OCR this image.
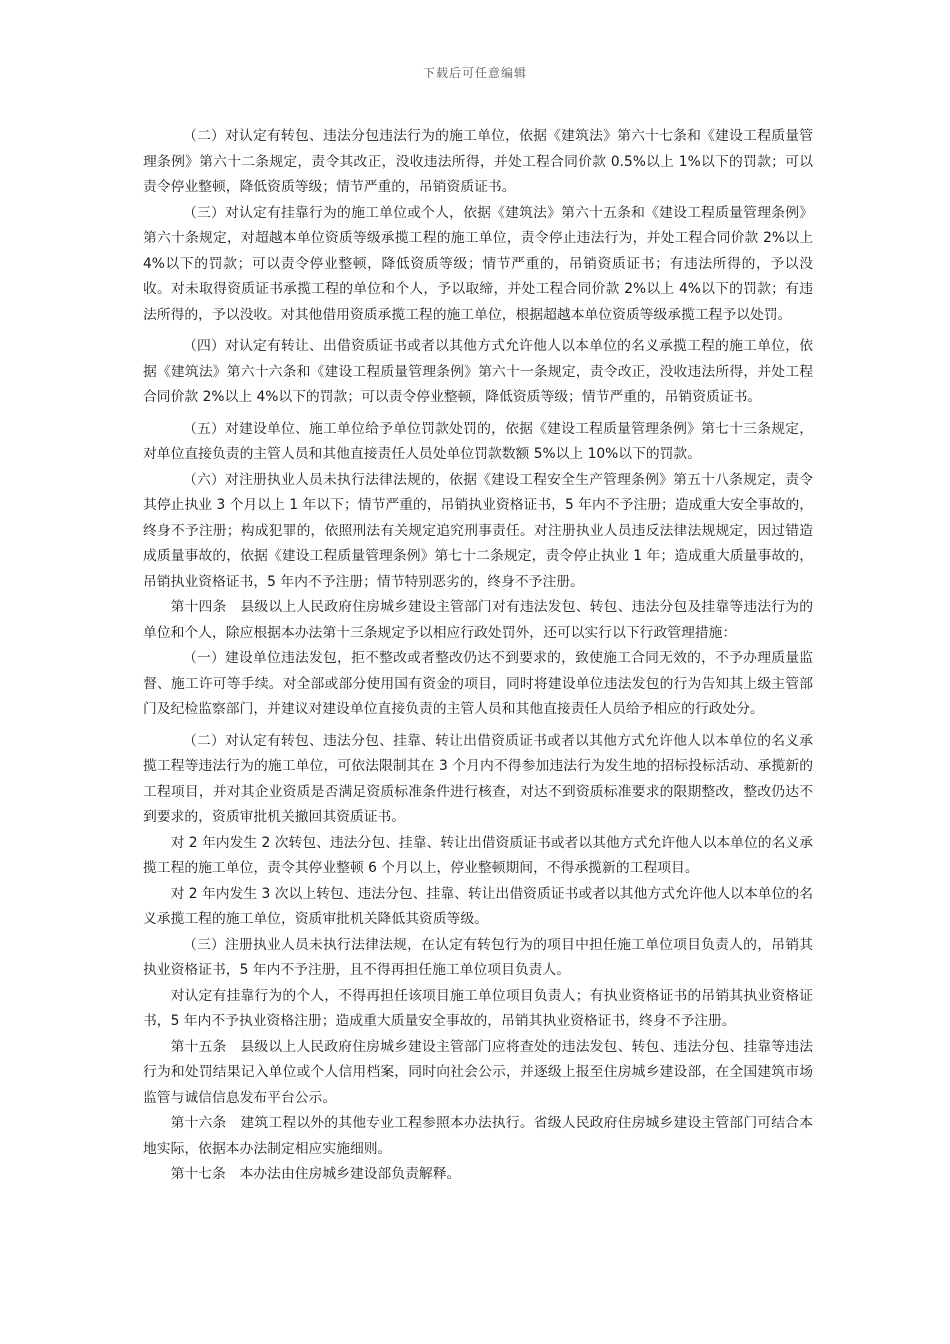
下载后可任意编辑

（二）对认定有转包、违法分包违法行为的施工单位，依据《建筑法》第六十七条和《建设工程质量管理条例》第六十二条规定，责令其改正，没收违法所得，并处工程合同价款 0.5%以上 1%以下的罚款；可以责令停业整顿，降低资质等级；情节严重的，吊销资质证书。

（三）对认定有挂靠行为的施工单位或个人，依据《建筑法》第六十五条和《建设工程质量管理条例》第六十条规定，对超越本单位资质等级承揽工程的施工单位，责令停止违法行为，并处工程合同价款 2%以上 4%以下的罚款；可以责令停业整顿，降低资质等级；情节严重的，吊销资质证书；有违法所得的，予以没收。对未取得资质证书承揽工程的单位和个人，予以取缔，并处工程合同价款 2%以上 4%以下的罚款；有违法所得的，予以没收。对其他借用资质承揽工程的施工单位，根据超越本单位资质等级承揽工程予以处罚。

（四）对认定有转让、出借资质证书或者以其他方式允许他人以本单位的名义承揽工程的施工单位，依据《建筑法》第六十六条和《建设工程质量管理条例》第六十一条规定，责令改正，没收违法所得，并处工程合同价款 2%以上 4%以下的罚款；可以责令停业整顿，降低资质等级；情节严重的，吊销资质证书。

（五）对建设单位、施工单位给予单位罚款处罚的，依据《建设工程质量管理条例》第七十三条规定，对单位直接负责的主管人员和其他直接责任人员处单位罚款数额 5%以上 10%以下的罚款。

（六）对注册执业人员未执行法律法规的，依据《建设工程安全生产管理条例》第五十八条规定，责令其停止执业 3 个月以上 1 年以下；情节严重的，吊销执业资格证书，5 年内不予注册；造成重大安全事故的，终身不予注册；构成犯罪的，依照刑法有关规定追究刑事责任。对注册执业人员违反法律法规规定，因过错造成质量事故的，依据《建设工程质量管理条例》第七十二条规定，责令停止执业 1 年；造成重大质量事故的，吊销执业资格证书，5 年内不予注册；情节特别恶劣的，终身不予注册。

第十四条　县级以上人民政府住房城乡建设主管部门对有违法发包、转包、违法分包及挂靠等违法行为的单位和个人，除应根据本办法第十三条规定予以相应行政处罚外，还可以实行以下行政管理措施：

（一）建设单位违法发包，拒不整改或者整改仍达不到要求的，致使施工合同无效的，不予办理质量监督、施工许可等手续。对全部或部分使用国有资金的项目，同时将建设单位违法发包的行为告知其上级主管部门及纪检监察部门，并建议对建设单位直接负责的主管人员和其他直接责任人员给予相应的行政处分。

（二）对认定有转包、违法分包、挂靠、转让出借资质证书或者以其他方式允许他人以本单位的名义承揽工程等违法行为的施工单位，可依法限制其在 3 个月内不得参加违法行为发生地的招标投标活动、承揽新的工程项目，并对其企业资质是否满足资质标准条件进行核查，对达不到资质标准要求的限期整改，整改仍达不到要求的，资质审批机关撤回其资质证书。

对 2 年内发生 2 次转包、违法分包、挂靠、转让出借资质证书或者以其他方式允许他人以本单位的名义承揽工程的施工单位，责令其停业整顿 6 个月以上，停业整顿期间，不得承揽新的工程项目。

对 2 年内发生 3 次以上转包、违法分包、挂靠、转让出借资质证书或者以其他方式允许他人以本单位的名义承揽工程的施工单位，资质审批机关降低其资质等级。

（三）注册执业人员未执行法律法规，在认定有转包行为的项目中担任施工单位项目负责人的，吊销其执业资格证书，5 年内不予注册，且不得再担任施工单位项目负责人。

对认定有挂靠行为的个人，不得再担任该项目施工单位项目负责人；有执业资格证书的吊销其执业资格证书，5 年内不予执业资格注册；造成重大质量安全事故的，吊销其执业资格证书，终身不予注册。

第十五条　县级以上人民政府住房城乡建设主管部门应将查处的违法发包、转包、违法分包、挂靠等违法行为和处罚结果记入单位或个人信用档案，同时向社会公示，并逐级上报至住房城乡建设部，在全国建筑市场监管与诚信信息发布平台公示。

第十六条　建筑工程以外的其他专业工程参照本办法执行。省级人民政府住房城乡建设主管部门可结合本地实际，依据本办法制定相应实施细则。

第十七条　本办法由住房城乡建设部负责解释。
